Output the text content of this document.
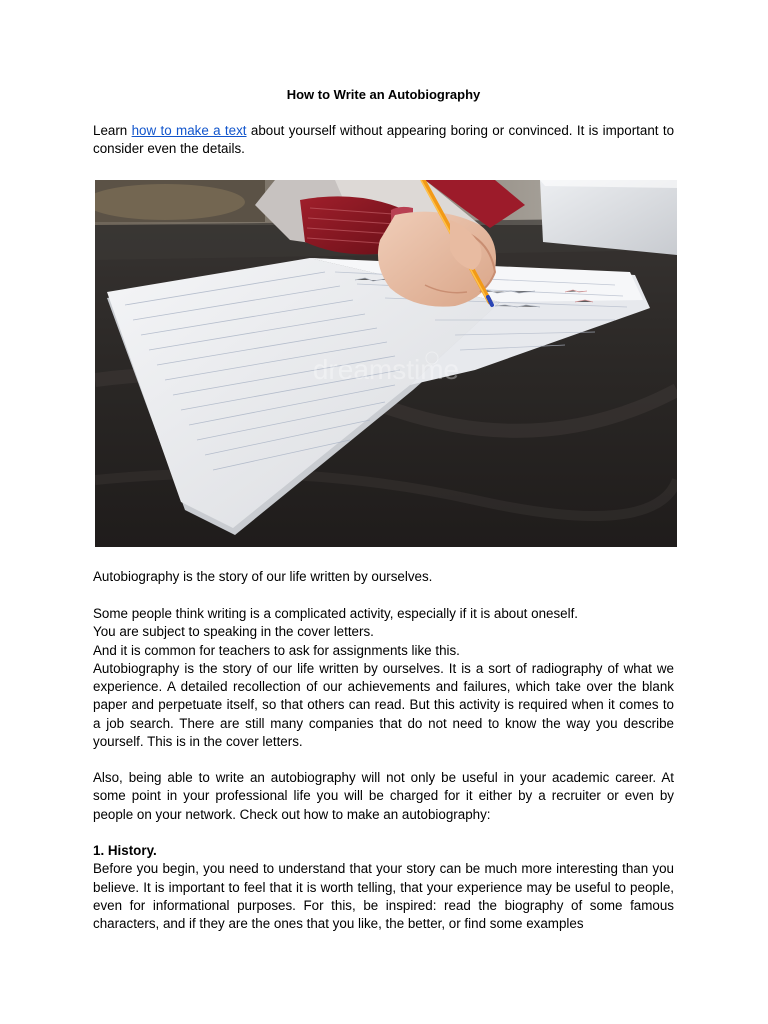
How to Write an Autobiography

Learn how to make a text about yourself without appearing boring or convinced. It is important to consider even the details.

dreamstime

Autobiography is the story of our life written by ourselves.

Some people think writing is a complicated activity, especially if it is about oneself.
You are subject to speaking in the cover letters.
And it is common for teachers to ask for assignments like this.
Autobiography is the story of our life written by ourselves. It is a sort of radiography of what we experience. A detailed recollection of our achievements and failures, which take over the blank paper and perpetuate itself, so that others can read. But this activity is required when it comes to a job search. There are still many companies that do not need to know the way you describe yourself. This is in the cover letters.

Also, being able to write an autobiography will not only be useful in your academic career. At some point in your professional life you will be charged for it either by a recruiter or even by people on your network. Check out how to make an autobiography:

1. History.
Before you begin, you need to understand that your story can be much more interesting than you believe. It is important to feel that it is worth telling, that your experience may be useful to people, even for informational purposes. For this, be inspired: read the biography of some famous characters, and if they are the ones that you like, the better, or find some examples
